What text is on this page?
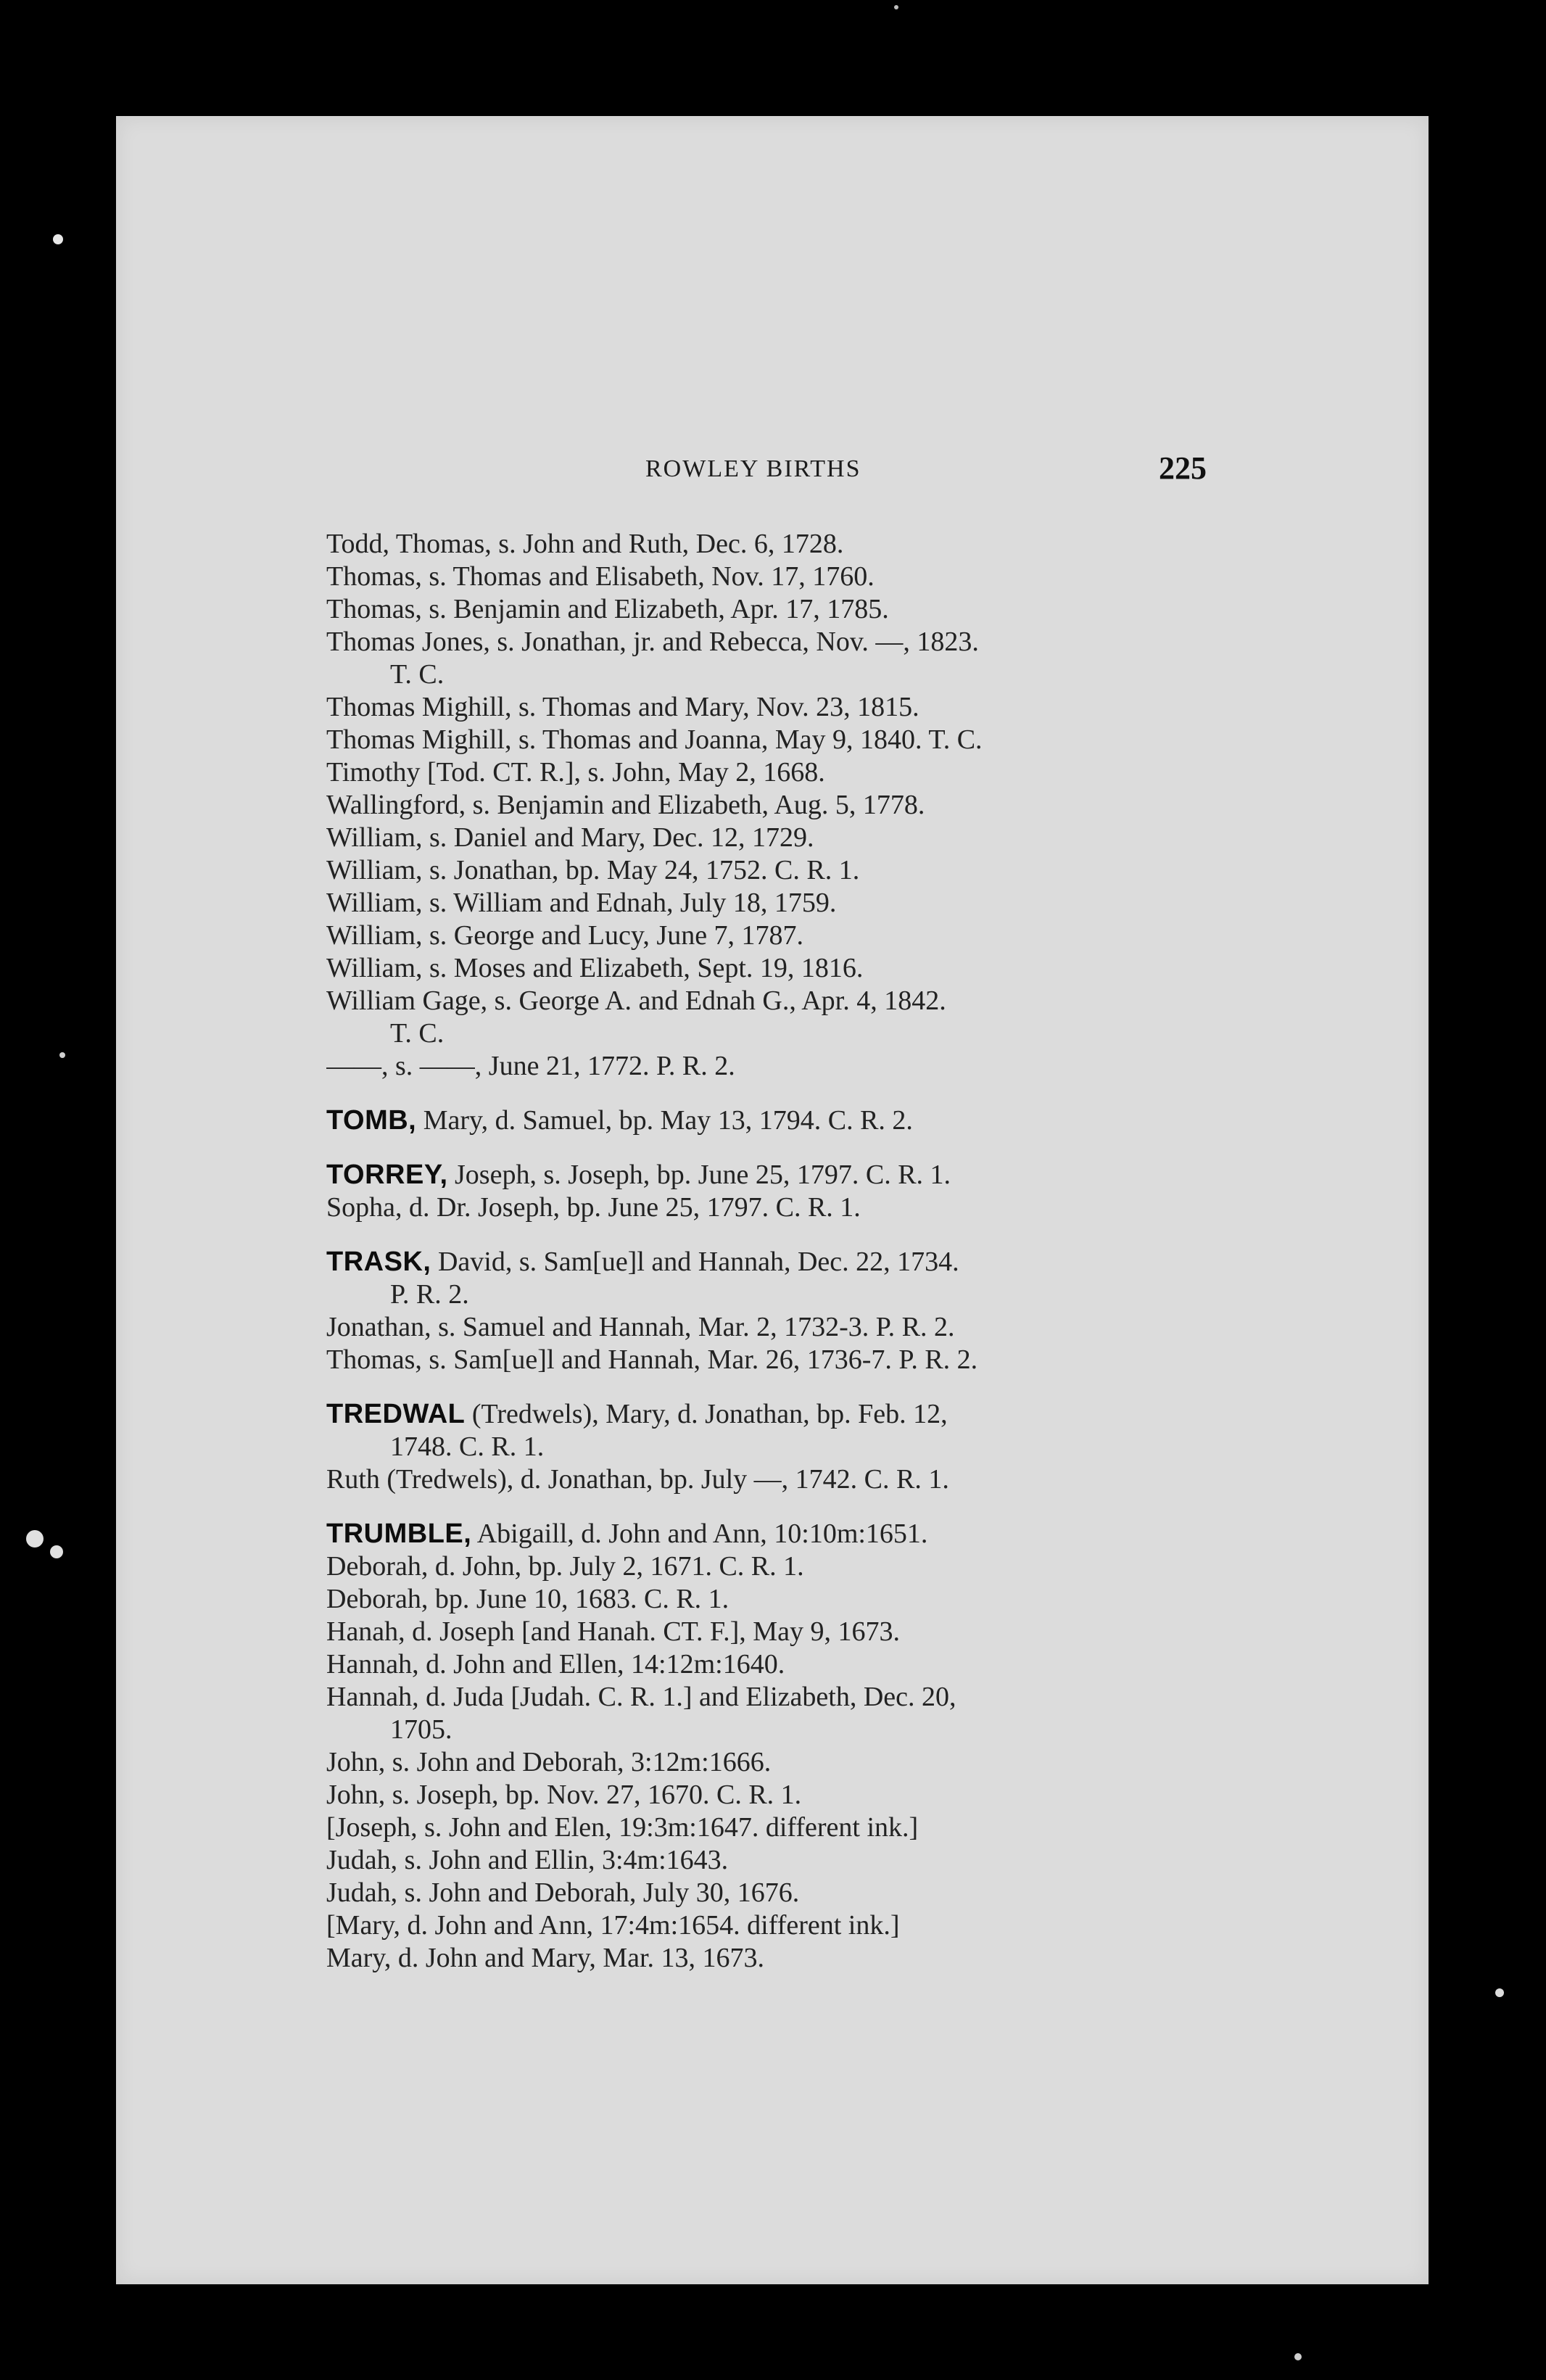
ROWLEY BIRTHS	225
Todd, Thomas, s. John and Ruth, Dec. 6, 1728.
Thomas, s. Thomas and Elisabeth, Nov. 17, 1760.
Thomas, s. Benjamin and Elizabeth, Apr. 17, 1785.
Thomas Jones, s. Jonathan, jr. and Rebecca, Nov. —, 1823.
T. C.
Thomas Mighill, s. Thomas and Mary, Nov. 23, 1815.
Thomas Mighill, s. Thomas and Joanna, May 9, 1840. T. C.
Timothy [Tod. CT. R.], s. John, May 2, 1668.
Wallingford, s. Benjamin and Elizabeth, Aug. 5, 1778.
William, s. Daniel and Mary, Dec. 12, 1729.
William, s. Jonathan, bp. May 24, 1752. C. R. 1.
William, s. William and Ednah, July 18, 1759.
William, s. George and Lucy, June 7, 1787.
William, s. Moses and Elizabeth, Sept. 19, 1816.
William Gage, s. George A. and Ednah G., Apr. 4, 1842.
T. C.
——, s. ——, June 21, 1772. P. R. 2.
TOMB, Mary, d. Samuel, bp. May 13, 1794. C. R. 2.
TORREY, Joseph, s. Joseph, bp. June 25, 1797. C. R. 1.
Sopha, d. Dr. Joseph, bp. June 25, 1797. C. R. 1.
TRASK, David, s. Sam[ue]l and Hannah, Dec. 22, 1734.
P. R. 2.
Jonathan, s. Samuel and Hannah, Mar. 2, 1732-3. P. R. 2.
Thomas, s. Sam[ue]l and Hannah, Mar. 26, 1736-7. P. R. 2.
TREDWAL (Tredwels), Mary, d. Jonathan, bp. Feb. 12,
1748. C. R. 1.
Ruth (Tredwels), d. Jonathan, bp. July —, 1742. C. R. 1.
TRUMBLE, Abigaill, d. John and Ann, 10:10m:1651.
Deborah, d. John, bp. July 2, 1671. C. R. 1.
Deborah, bp. June 10, 1683. C. R. 1.
Hanah, d. Joseph [and Hanah. CT. F.], May 9, 1673.
Hannah, d. John and Ellen, 14:12m:1640.
Hannah, d. Juda [Judah. C. R. 1.] and Elizabeth, Dec. 20,
1705.
John, s. John and Deborah, 3:12m:1666.
John, s. Joseph, bp. Nov. 27, 1670. C. R. 1.
[Joseph, s. John and Elen, 19:3m:1647. different ink.]
Judah, s. John and Ellin, 3:4m:1643.
Judah, s. John and Deborah, July 30, 1676.
[Mary, d. John and Ann, 17:4m:1654. different ink.]
Mary, d. John and Mary, Mar. 13, 1673.
